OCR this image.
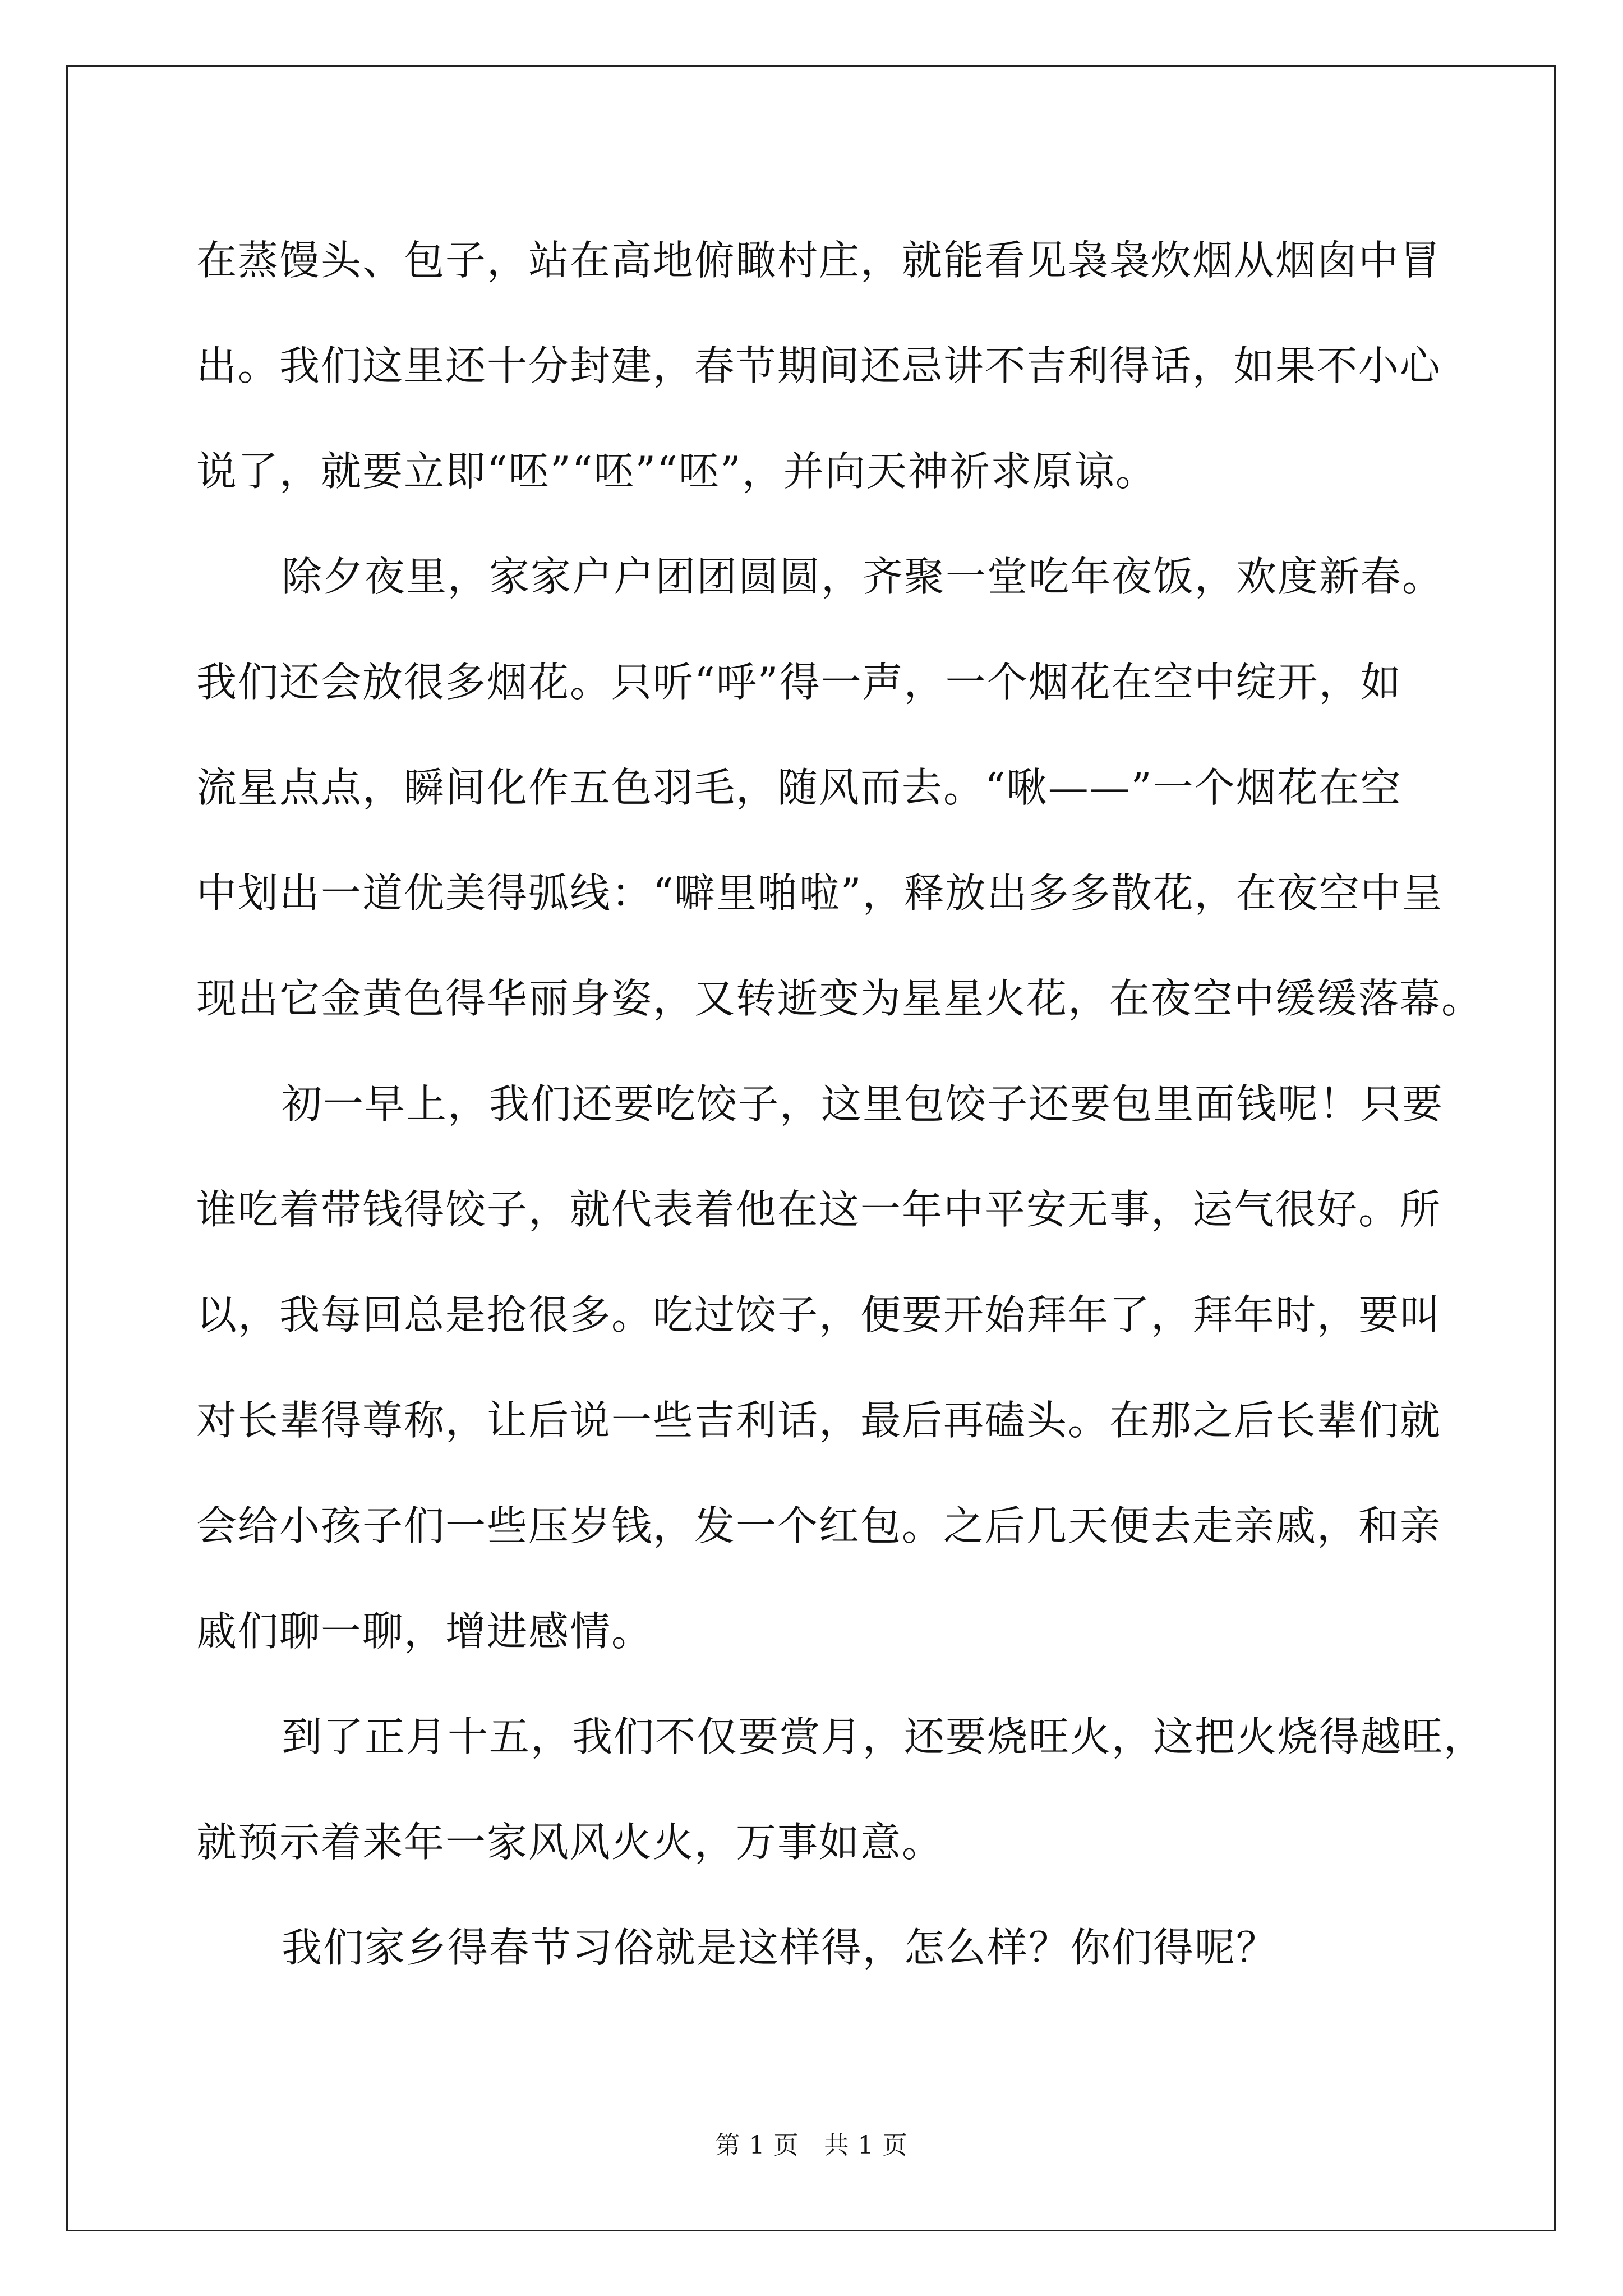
在蒸馒头、包子，站在高地俯瞰村庄，就能看见袅袅炊烟从烟囱中冒
出。我们这里还十分封建，春节期间还忌讲不吉利得话，如果不小心
说了，就要立即“呸”“呸”“呸”，并向天神祈求原谅。
除夕夜里，家家户户团团圆圆，齐聚一堂吃年夜饭，欢度新春。
我们还会放很多烟花。只听“呼”得一声，一个烟花在空中绽开，如
流星点点，瞬间化作五色羽毛，随风而去。“啾——”一个烟花在空
中划出一道优美得弧线：“噼里啪啦”，释放出多多散花，在夜空中呈
现出它金黄色得华丽身姿，又转逝变为星星火花，在夜空中缓缓落幕。
初一早上，我们还要吃饺子，这里包饺子还要包里面钱呢！只要
谁吃着带钱得饺子，就代表着他在这一年中平安无事，运气很好。所
以，我每回总是抢很多。吃过饺子，便要开始拜年了，拜年时，要叫
对长辈得尊称，让后说一些吉利话，最后再磕头。在那之后长辈们就
会给小孩子们一些压岁钱，发一个红包。之后几天便去走亲戚，和亲
戚们聊一聊，增进感情。
到了正月十五，我们不仅要赏月，还要烧旺火，这把火烧得越旺，
就预示着来年一家风风火火，万事如意。
我们家乡得春节习俗就是这样得，怎么样？你们得呢？
第 1 页　共 1 页
